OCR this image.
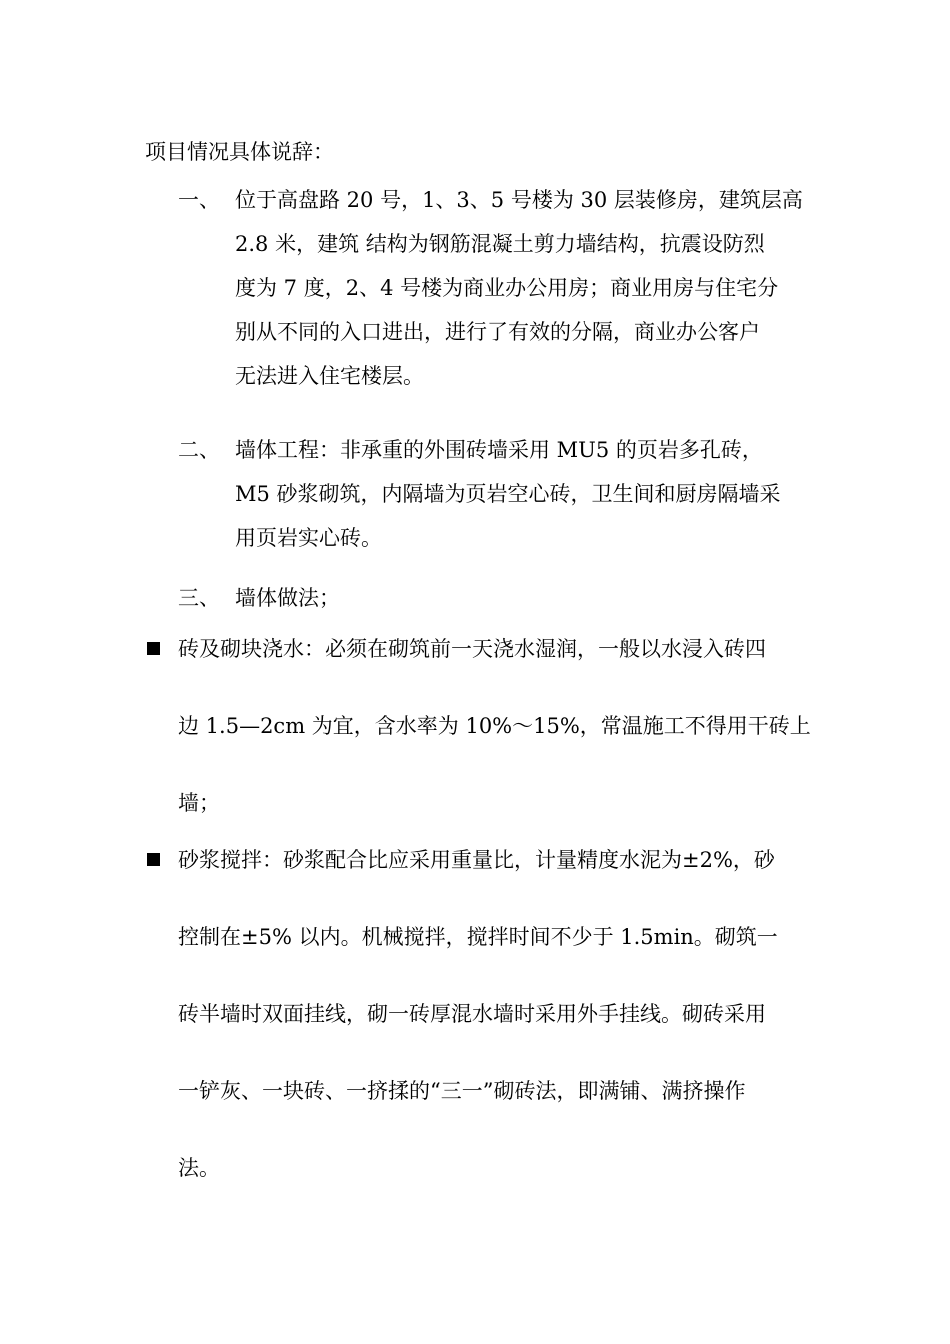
项目情况具体说辞：
一、 位于高盘路 20 号，1、3、5 号楼为 30 层装修房，建筑层高
2.8 米，建筑 结构为钢筋混凝土剪力墙结构，抗震设防烈
度为 7 度，2、4 号楼为商业办公用房；商业用房与住宅分
别从不同的入口进出，进行了有效的分隔，商业办公客户
无法进入住宅楼层。
二、 墙体工程：非承重的外围砖墙采用 MU5 的页岩多孔砖，
M5 砂浆砌筑，内隔墙为页岩空心砖，卫生间和厨房隔墙采
用页岩实心砖。
三、 墙体做法；
砖及砌块浇水：必须在砌筑前一天浇水湿润，一般以水浸入砖四
边 1.5—2cm 为宜，含水率为 10%～15%，常温施工不得用干砖上
墙；
砂浆搅拌：砂浆配合比应采用重量比，计量精度水泥为±2%，砂
控制在±5% 以内。机械搅拌，搅拌时间不少于 1.5min。砌筑一
砖半墙时双面挂线，砌一砖厚混水墙时采用外手挂线。砌砖采用
一铲灰、一块砖、一挤揉的“三一”砌砖法，即满铺、满挤操作
法。
